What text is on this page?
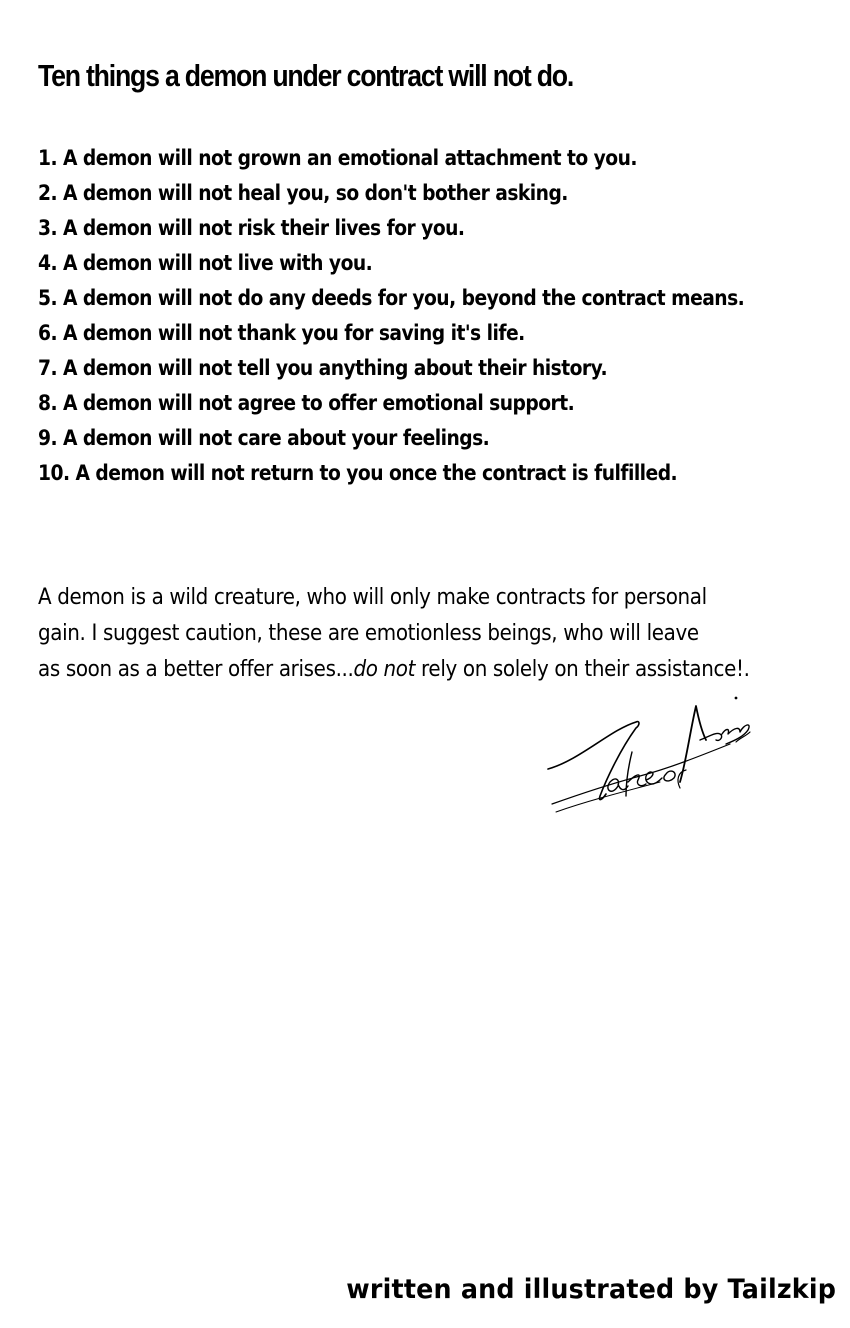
Ten things a demon under contract will not do.
1. A demon will not grown an emotional attachment to you.
2. A demon will not heal you, so don't bother asking.
3. A demon will not risk their lives for you.
4. A demon will not live with you.
5. A demon will not do any deeds for you, beyond the contract means.
6. A demon will not thank you for saving it's life.
7. A demon will not tell you anything about their history.
8. A demon will not agree to offer emotional support.
9. A demon will not care about your feelings.
10. A demon will not return to you once the contract is fulfilled.

A demon is a wild creature, who will only make contracts for personal
gain. I suggest caution, these are emotionless beings, who will leave
as soon as a better offer arises...do not rely on solely on their assistance!.

written and illustrated by Tailzkip
